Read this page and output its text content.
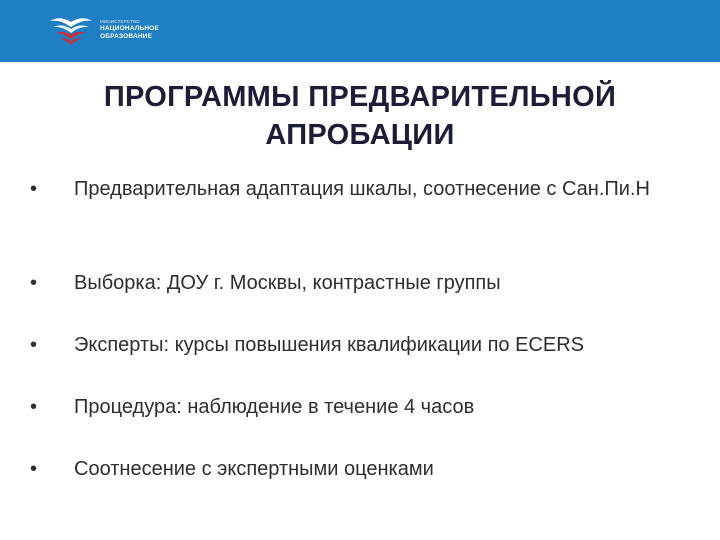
МИНИСТЕРСТВО
НАЦИОНАЛЬНОЕ
ОБРАЗОВАНИЕ
ПРОГРАММЫ ПРЕДВАРИТЕЛЬНОЙ
АПРОБАЦИИ
• Предварительная адаптация шкалы, соотнесение с Сан.Пи.Н
• Выборка: ДОУ г. Москвы, контрастные группы
• Эксперты: курсы повышения квалификации по ECERS
• Процедура: наблюдение в течение 4 часов
• Соотнесение с экспертными оценками
